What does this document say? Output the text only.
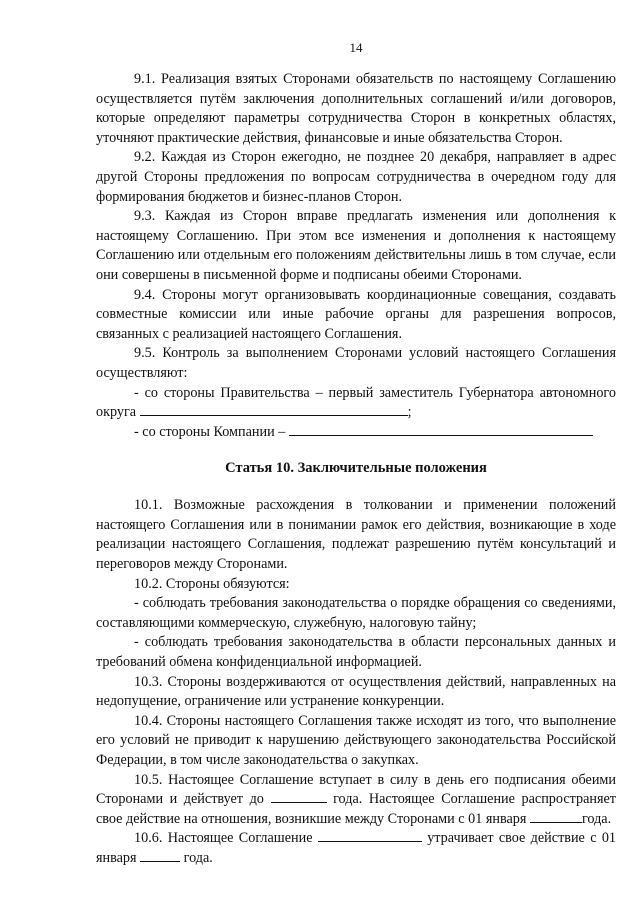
14

9.1. Реализация взятых Сторонами обязательств по настоящему Соглашению осуществляется путём заключения дополнительных соглашений и/или договоров, которые определяют параметры сотрудничества Сторон в конкретных областях, уточняют практические действия, финансовые и иные обязательства Сторон.

9.2. Каждая из Сторон ежегодно, не позднее 20 декабря, направляет в адрес другой Стороны предложения по вопросам сотрудничества в очередном году для формирования бюджетов и бизнес-планов Сторон.

9.3. Каждая из Сторон вправе предлагать изменения или дополнения к настоящему Соглашению. При этом все изменения и дополнения к настоящему Соглашению или отдельным его положениям действительны лишь в том случае, если они совершены в письменной форме и подписаны обеими Сторонами.

9.4. Стороны могут организовывать координационные совещания, создавать совместные комиссии или иные рабочие органы для разрешения вопросов, связанных с реализацией настоящего Соглашения.

9.5. Контроль за выполнением Сторонами условий настоящего Соглашения осуществляют:

- со стороны Правительства – первый заместитель Губернатора автономного округа	;

- со стороны Компании –

Статья 10. Заключительные положения

10.1. Возможные расхождения в толковании и применении положений настоящего Соглашения или в понимании рамок его действия, возникающие в ходе реализации настоящего Соглашения, подлежат разрешению путём консультаций и переговоров между Сторонами.

10.2. Стороны обязуются:

- соблюдать требования законодательства о порядке обращения со сведениями, составляющими коммерческую, служебную, налоговую тайну;

- соблюдать требования законодательства в области персональных данных и требований обмена конфиденциальной информацией.

10.3. Стороны воздерживаются от осуществления действий, направленных на недопущение, ограничение или устранение конкуренции.

10.4. Стороны настоящего Соглашения также исходят из того, что выполнение его условий не приводит к нарушению действующего законодательства Российской Федерации, в том числе законодательства о закупках.

10.5. Настоящее Соглашение вступает в силу в день его подписания обеими Сторонами и действует до	года. Настоящее Соглашение распространяет свое действие на отношения, возникшие между Сторонами с 01 января	года.

10.6. Настоящее Соглашение	утрачивает свое действие с 01 января	года.
